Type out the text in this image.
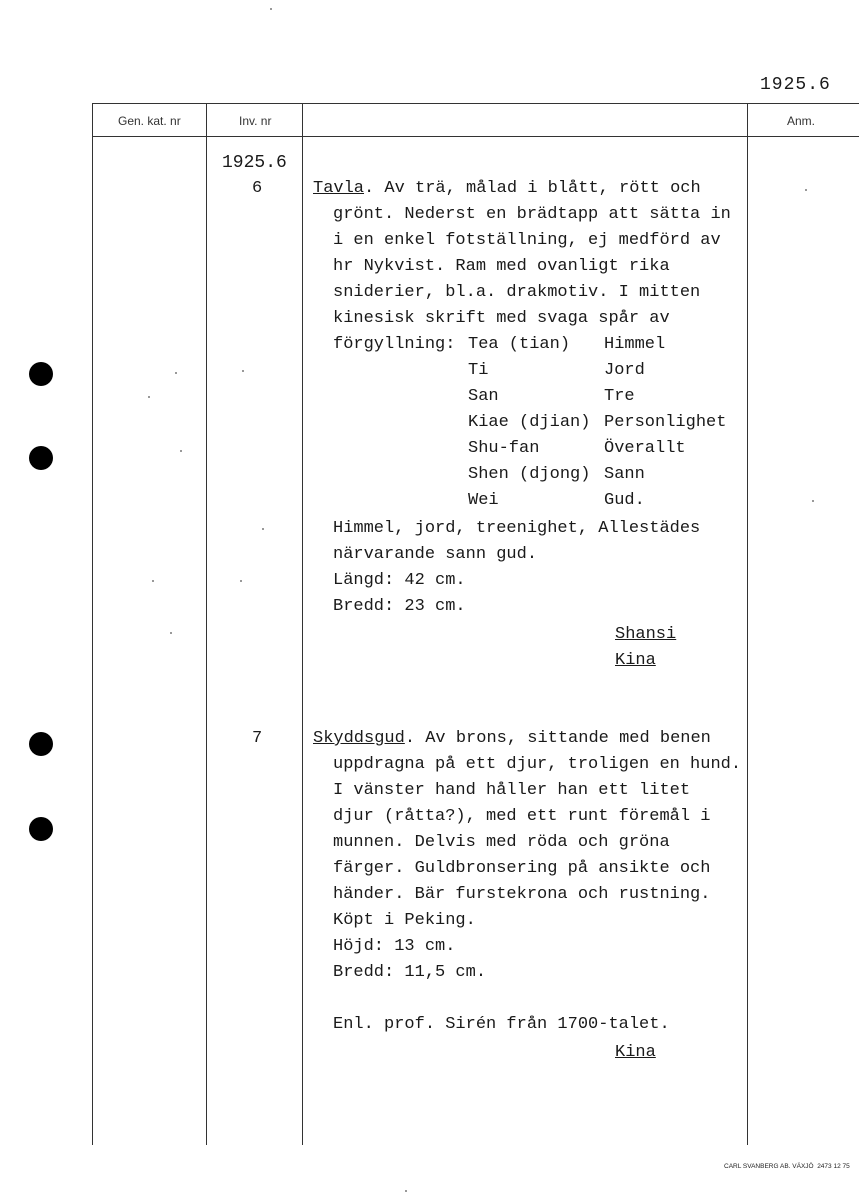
1925.6
Gen. kat. nr	Inv. nr	Anm.
1925.6
6	Tavla. Av trä, målad i blått, rött och
grönt. Nederst en brädtapp att sätta in
i en enkel fotställning, ej medförd av
hr Nykvist. Ram med ovanligt rika
sniderier, bl.a. drakmotiv. I mitten
kinesisk skrift med svaga spår av
förgyllning: Tea (tian) Himmel
Ti	Jord
San	Tre
Kiae (djian) Personlighet
Shu-fan	Överallt
Shen (djong) Sann
Wei	Gud.
Himmel, jord, treenighet, Allestädes
närvarande sann gud.
Längd: 42 cm.
Bredd: 23 cm.
Shansi
Kina
7	Skyddsgud. Av brons, sittande med benen
uppdragna på ett djur, troligen en hund.
I vänster hand håller han ett litet
djur (råtta?), med ett runt föremål i
munnen. Delvis med röda och gröna
färger. Guldbronsering på ansikte och
händer. Bär furstekrona och rustning.
Köpt i Peking.
Höjd: 13 cm.
Bredd: 11,5 cm.
Enl. prof. Sirén från 1700-talet.
Kina
CARL SVANBERG AB. VÄXJÖ  2473 12 75
